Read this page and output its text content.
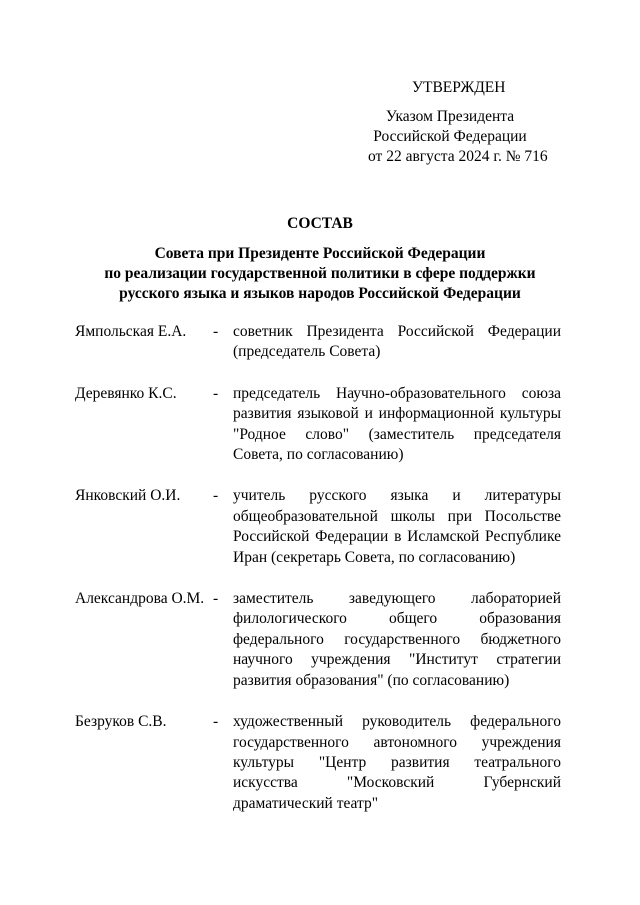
УТВЕРЖДЕН
Указом Президента
Российской Федерации
от 22 августа 2024 г. № 716
СОСТАВ
Совета при Президенте Российской Федерации
по реализации государственной политики в сфере поддержки
русского языка и языков народов Российской Федерации
Ямпольская Е.А.	- советник Президента Российской Федерации (председатель Совета)
Деревянко К.С.	- председатель Научно-образовательного союза развития языковой и информационной культуры "Родное слово" (заместитель председателя Совета, по согласованию)
Янковский О.И.	- учитель русского языка и литературы общеобразовательной школы при Посольстве Российской Федерации в Исламской Республике Иран (секретарь Совета, по согласованию)
Александрова О.М. - заместитель заведующего лабораторией филологического общего образования федерального государственного бюджетного научного учреждения "Институт стратегии развития образования" (по согласованию)
Безруков С.В.	- художественный руководитель федерального государственного автономного учреждения культуры "Центр развития театрального искусства "Московский Губернский драматический театр"
